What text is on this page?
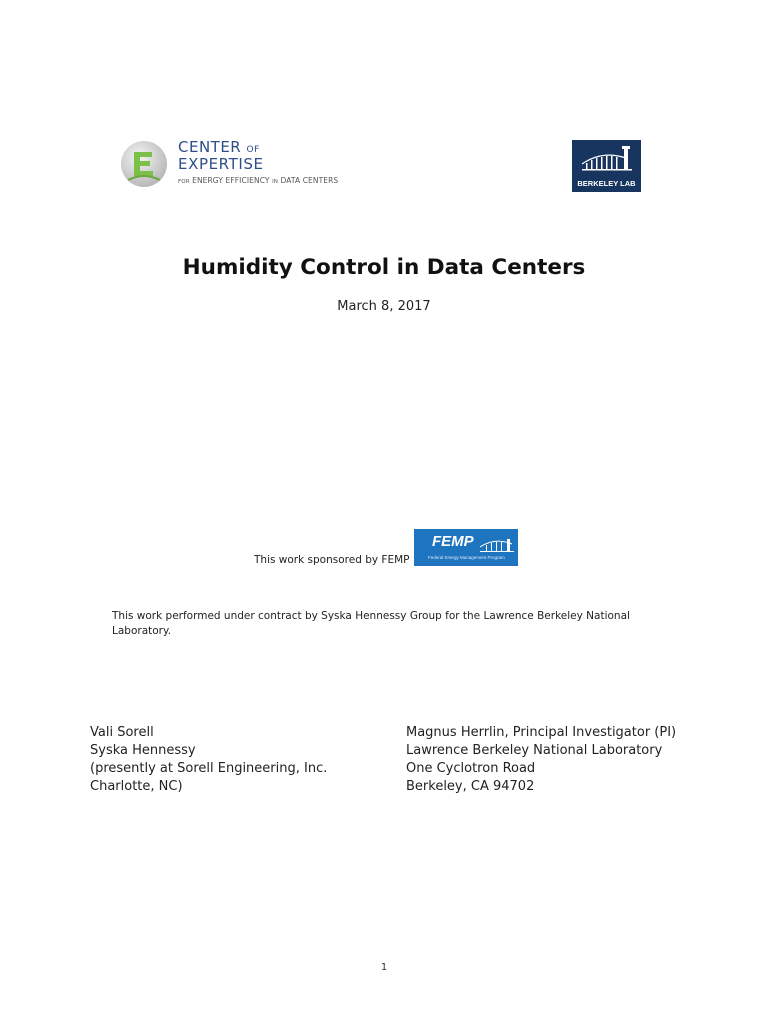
CENTER OF
EXPERTISE
FOR ENERGY EFFICIENCY IN DATA CENTERS	BERKELEY LAB
Humidity Control in Data Centers
March 8, 2017
This work sponsored by FEMP
FEMP
Federal Energy Management Program
This work performed under contract by Syska Hennessy Group for the Lawrence Berkeley National Laboratory.
Vali Sorell
Syska Hennessy
(presently at Sorell Engineering, Inc.
Charlotte, NC)
Magnus Herrlin, Principal Investigator (PI)
Lawrence Berkeley National Laboratory
One Cyclotron Road
Berkeley, CA 94702
1
